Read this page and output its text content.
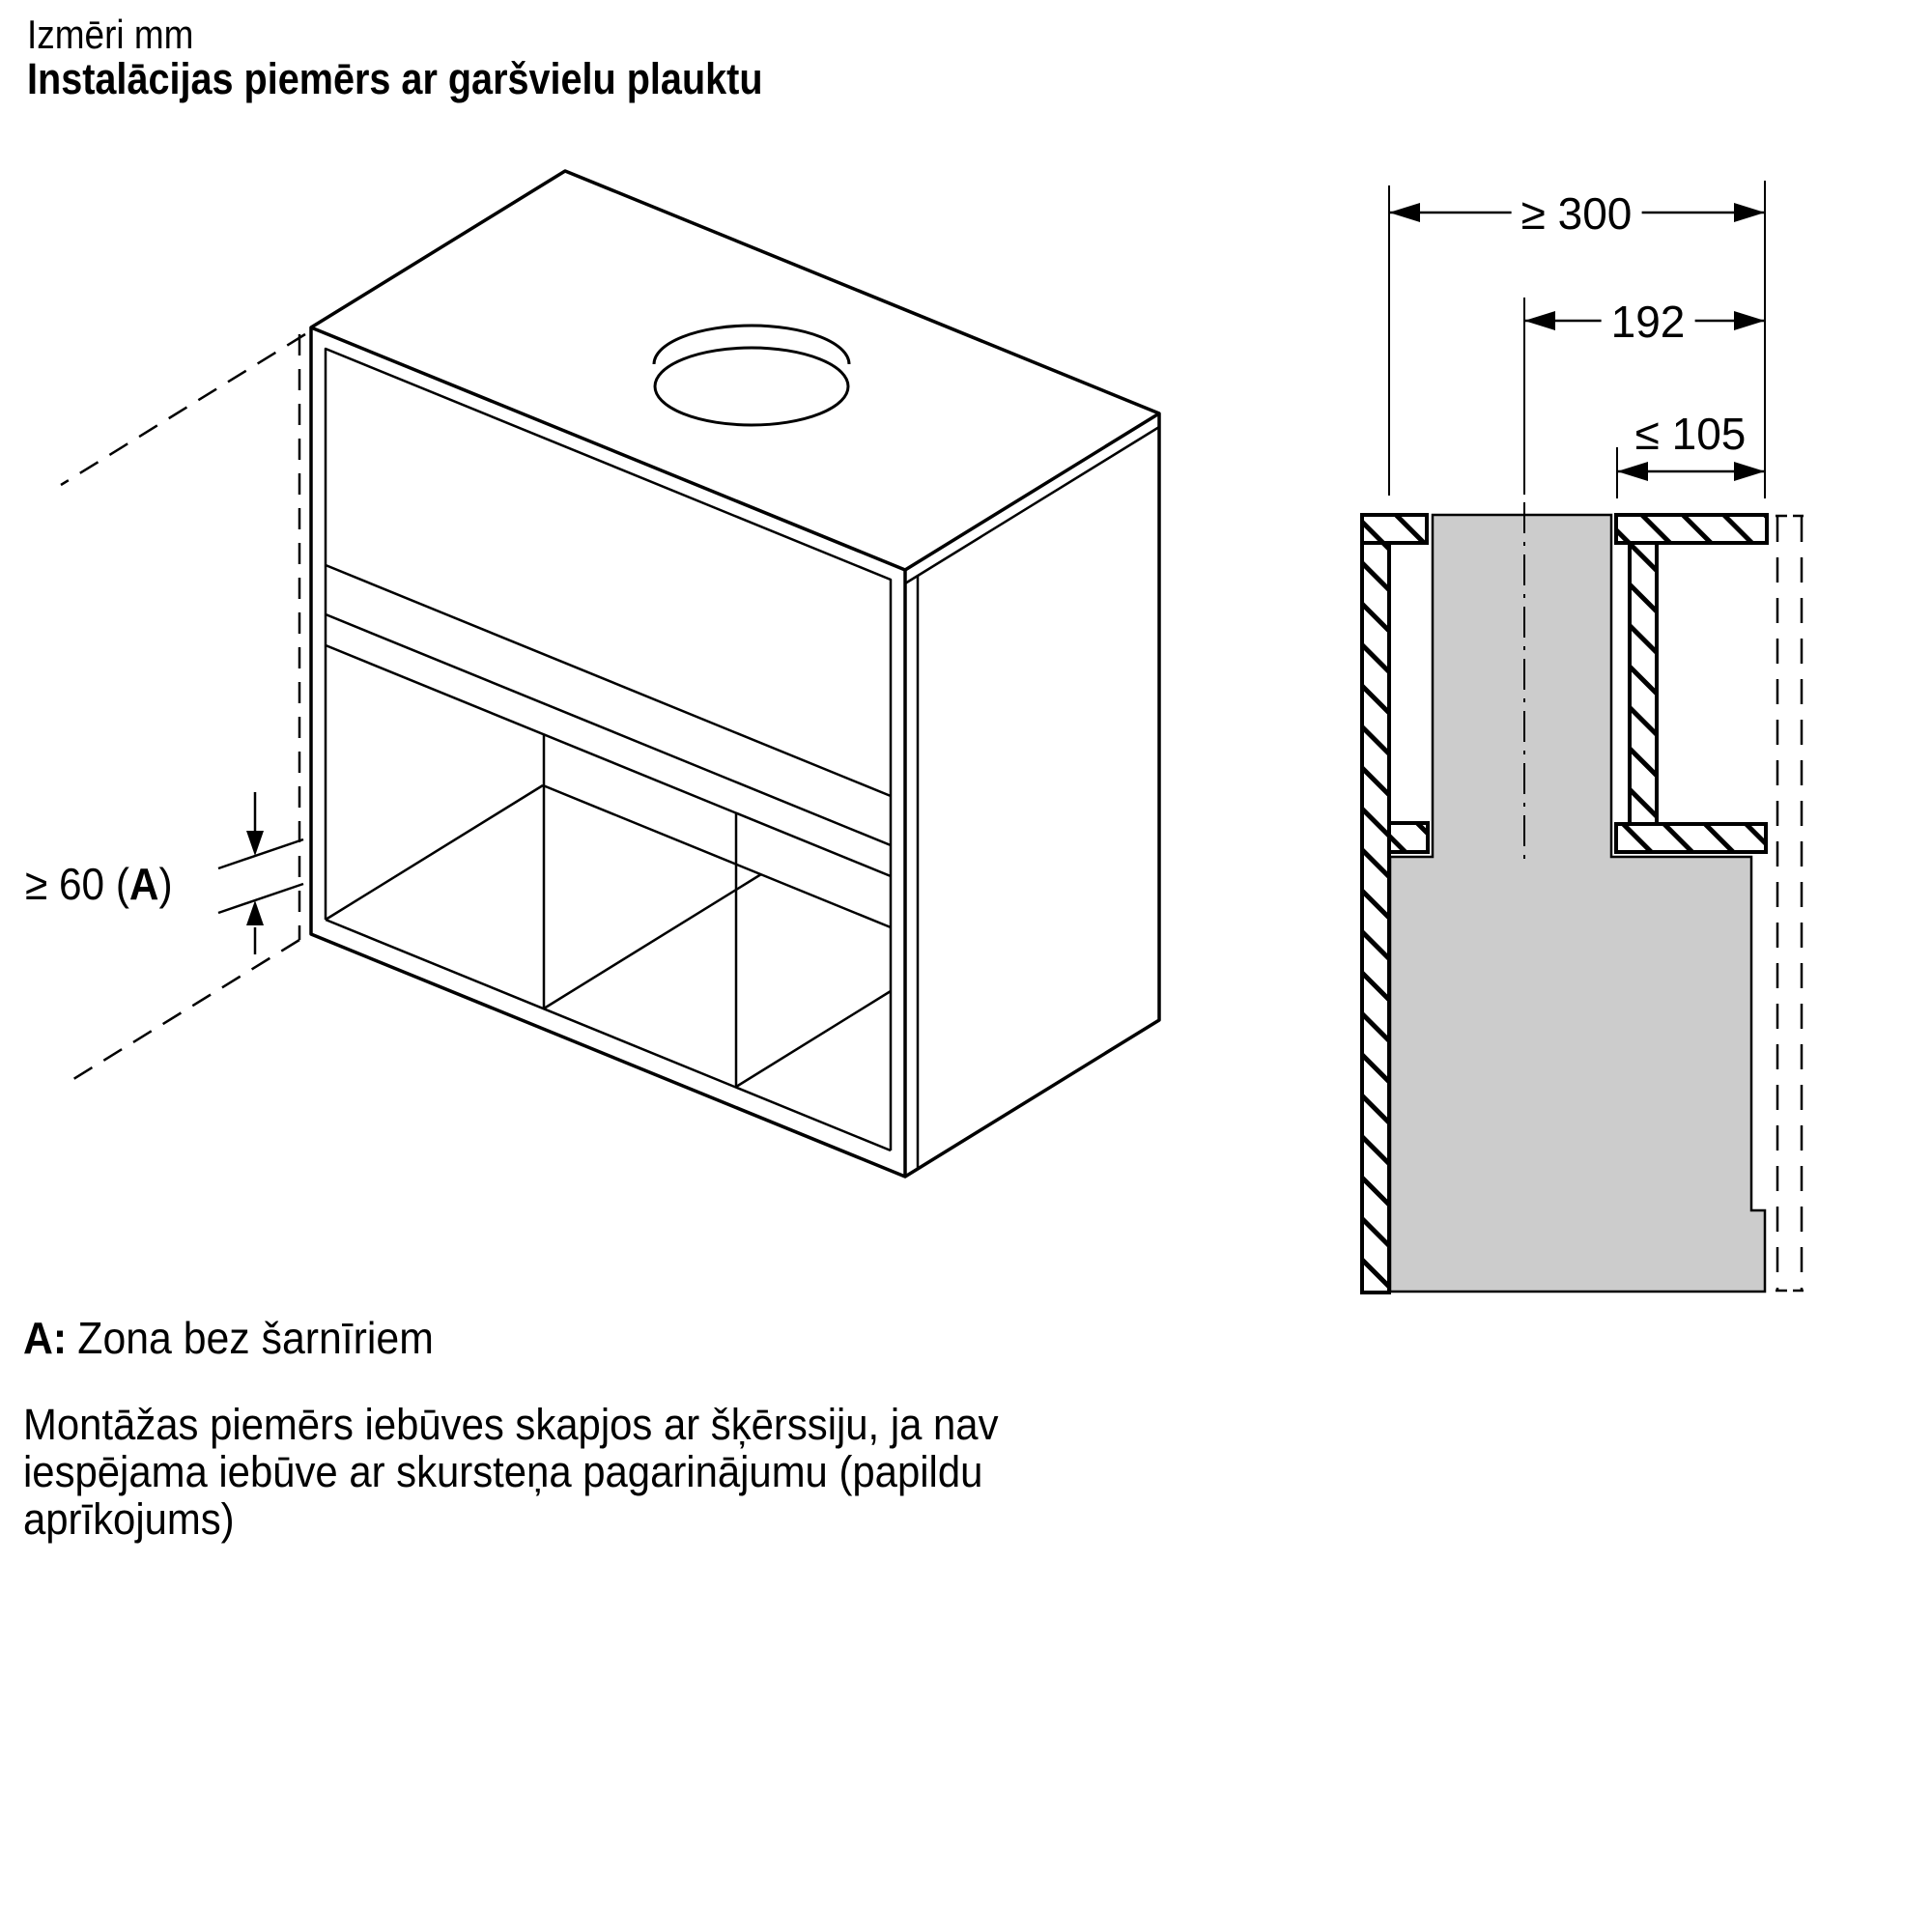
Izmēri mm
Instalācijas piemērs ar garšvielu plauktu
≥ 300
192
≤ 105
≥ 60 (A)
A: Zona bez šarnīriem
Montāžas piemērs iebūves skapjos ar šķērssiju, ja nav
iespējama iebūve ar skursteņa pagarinājumu (papildu
aprīkojums)
